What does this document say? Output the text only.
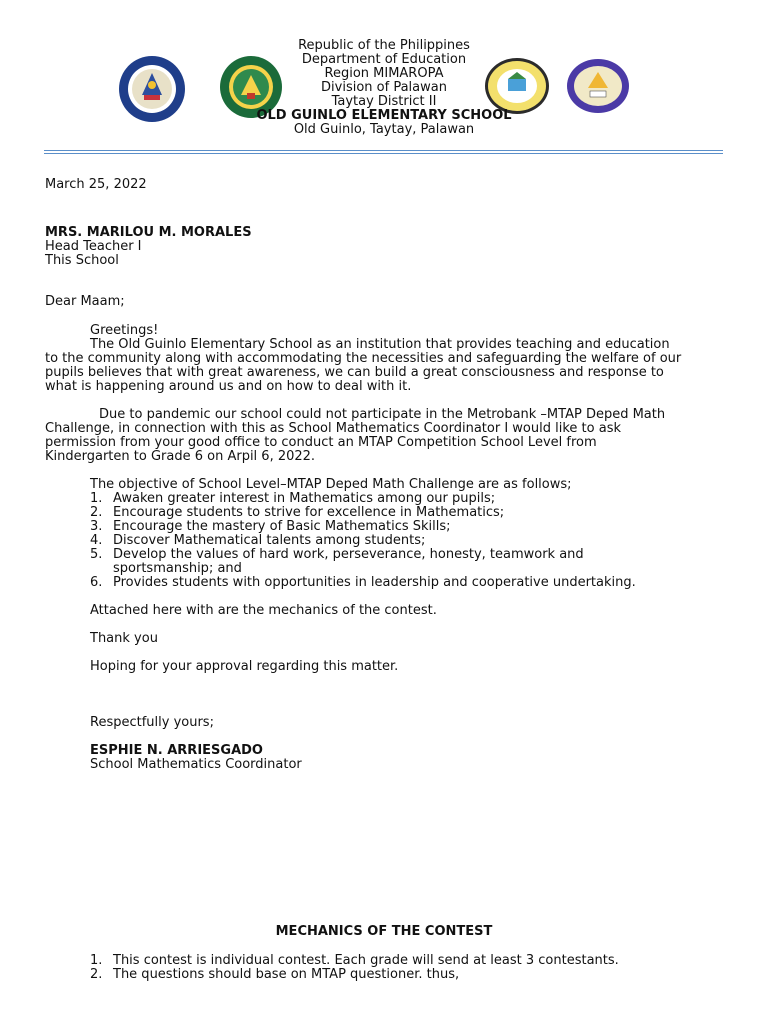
Republic of the Philippines
Department of Education
Region MIMAROPA
Division of Palawan
Taytay District II
OLD GUINLO ELEMENTARY SCHOOL
Old Guinlo, Taytay, Palawan
March 25, 2022
MRS. MARILOU M. MORALES
Head Teacher I
This School
Dear Maam;
Greetings!
The Old Guinlo Elementary School as an institution that provides teaching and education
to the community along with accommodating the necessities and safeguarding the welfare of our
pupils believes that with great awareness, we can build a great consciousness and response to
what is happening around us and on how to deal with it.
Due to pandemic our school could not participate in the Metrobank –MTAP Deped Math
Challenge, in connection with this as School Mathematics Coordinator I would like to ask
permission from your good office to conduct an MTAP Competition School Level from
Kindergarten to Grade 6 on Arpil 6, 2022.
The objective of School Level–MTAP Deped Math Challenge are as follows;
1. Awaken greater interest in Mathematics among our pupils;
2. Encourage students to strive for excellence in Mathematics;
3. Encourage the mastery of Basic Mathematics Skills;
4. Discover Mathematical talents among students;
5. Develop the values of hard work, perseverance, honesty, teamwork and
sportsmanship; and
6. Provides students with opportunities in leadership and cooperative undertaking.
Attached here with are the mechanics of the contest.
Thank you
Hoping for your approval regarding this matter.
Respectfully yours;
ESPHIE N. ARRIESGADO
School Mathematics Coordinator
MECHANICS OF THE CONTEST
1. This contest is individual contest. Each grade will send at least 3 contestants.
2. The questions should base on MTAP questioner. thus,
